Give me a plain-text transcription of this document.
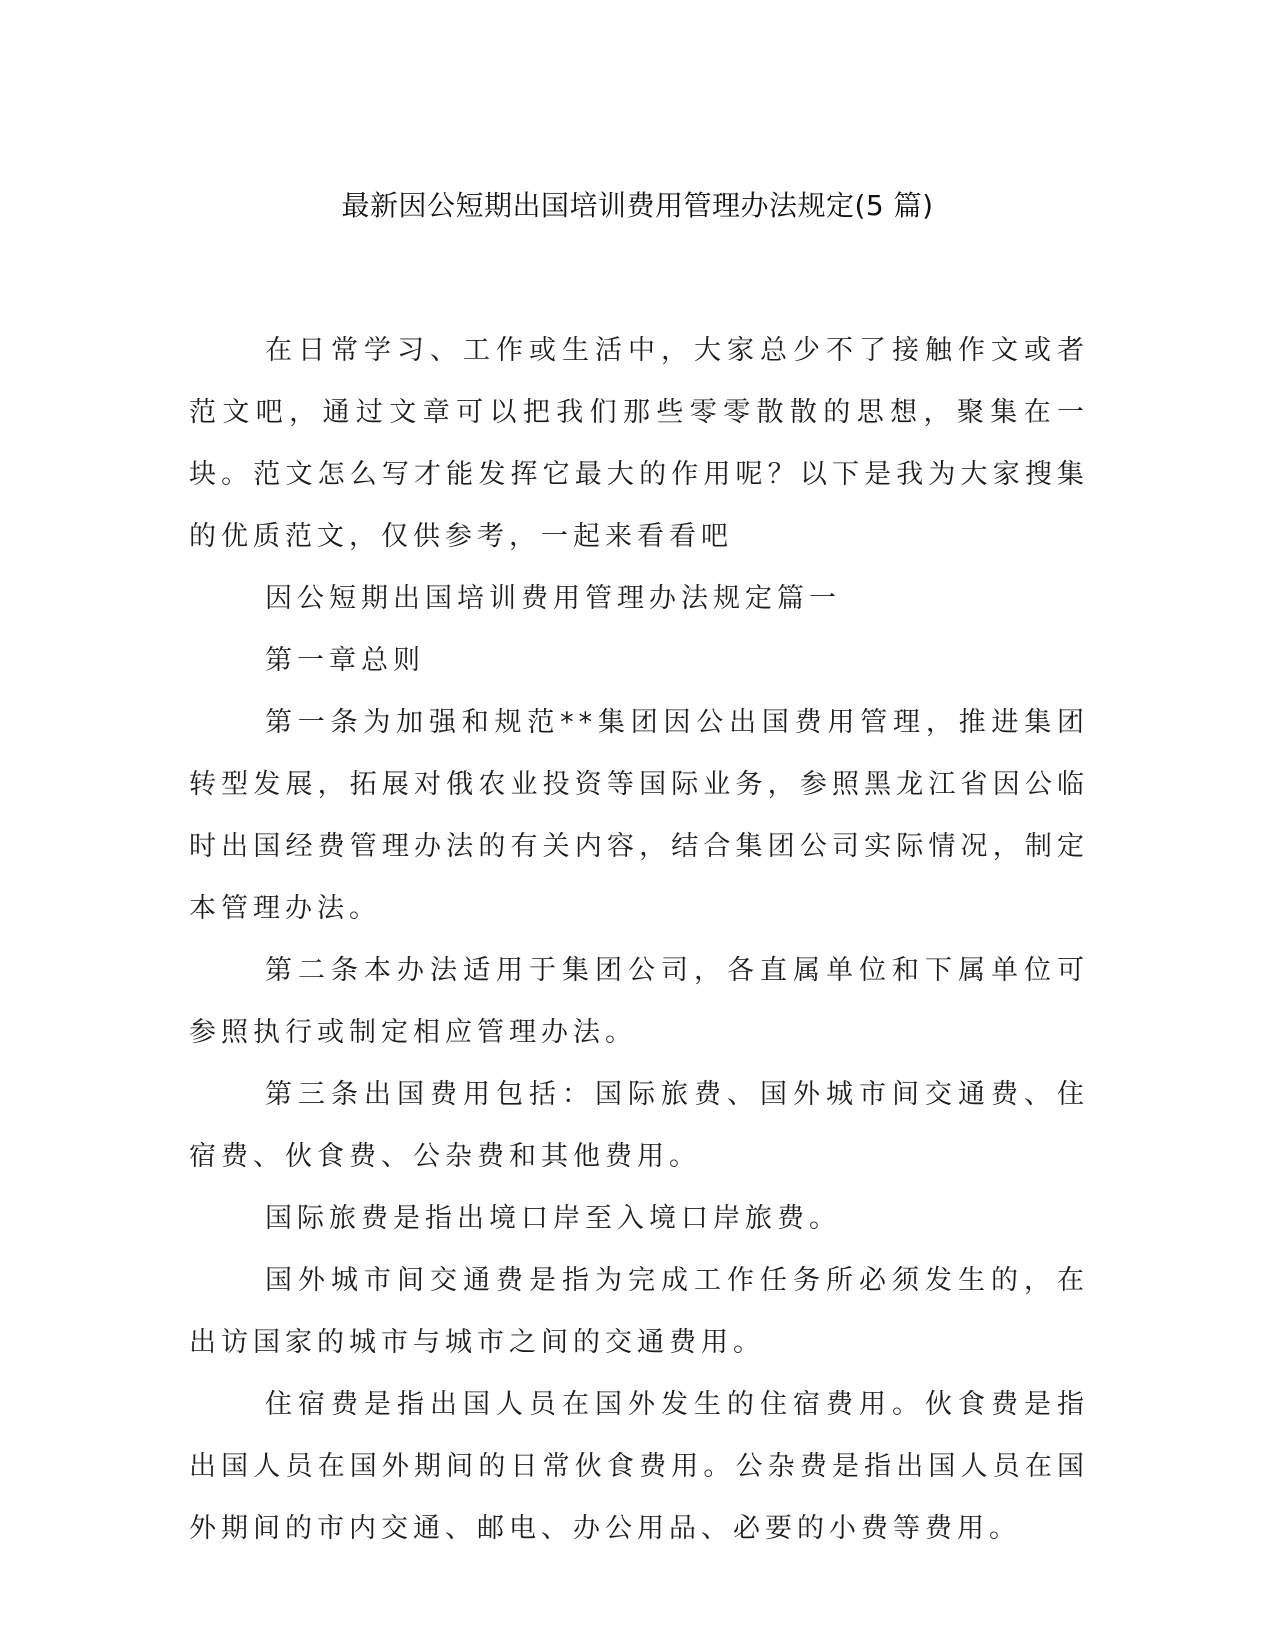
最新因公短期出国培训费用管理办法规定(5 篇)

在日常学习、工作或生活中，大家总少不了接触作文或者范文吧，通过文章可以把我们那些零零散散的思想，聚集在一块。范文怎么写才能发挥它最大的作用呢？以下是我为大家搜集的优质范文，仅供参考，一起来看看吧

因公短期出国培训费用管理办法规定篇一

第一章总则

第一条为加强和规范**集团因公出国费用管理，推进集团转型发展，拓展对俄农业投资等国际业务，参照黑龙江省因公临时出国经费管理办法的有关内容，结合集团公司实际情况，制定本管理办法。

第二条本办法适用于集团公司，各直属单位和下属单位可参照执行或制定相应管理办法。

第三条出国费用包括：国际旅费、国外城市间交通费、住宿费、伙食费、公杂费和其他费用。

国际旅费是指出境口岸至入境口岸旅费。

国外城市间交通费是指为完成工作任务所必须发生的，在出访国家的城市与城市之间的交通费用。

住宿费是指出国人员在国外发生的住宿费用。伙食费是指出国人员在国外期间的日常伙食费用。公杂费是指出国人员在国外期间的市内交通、邮电、办公用品、必要的小费等费用。
